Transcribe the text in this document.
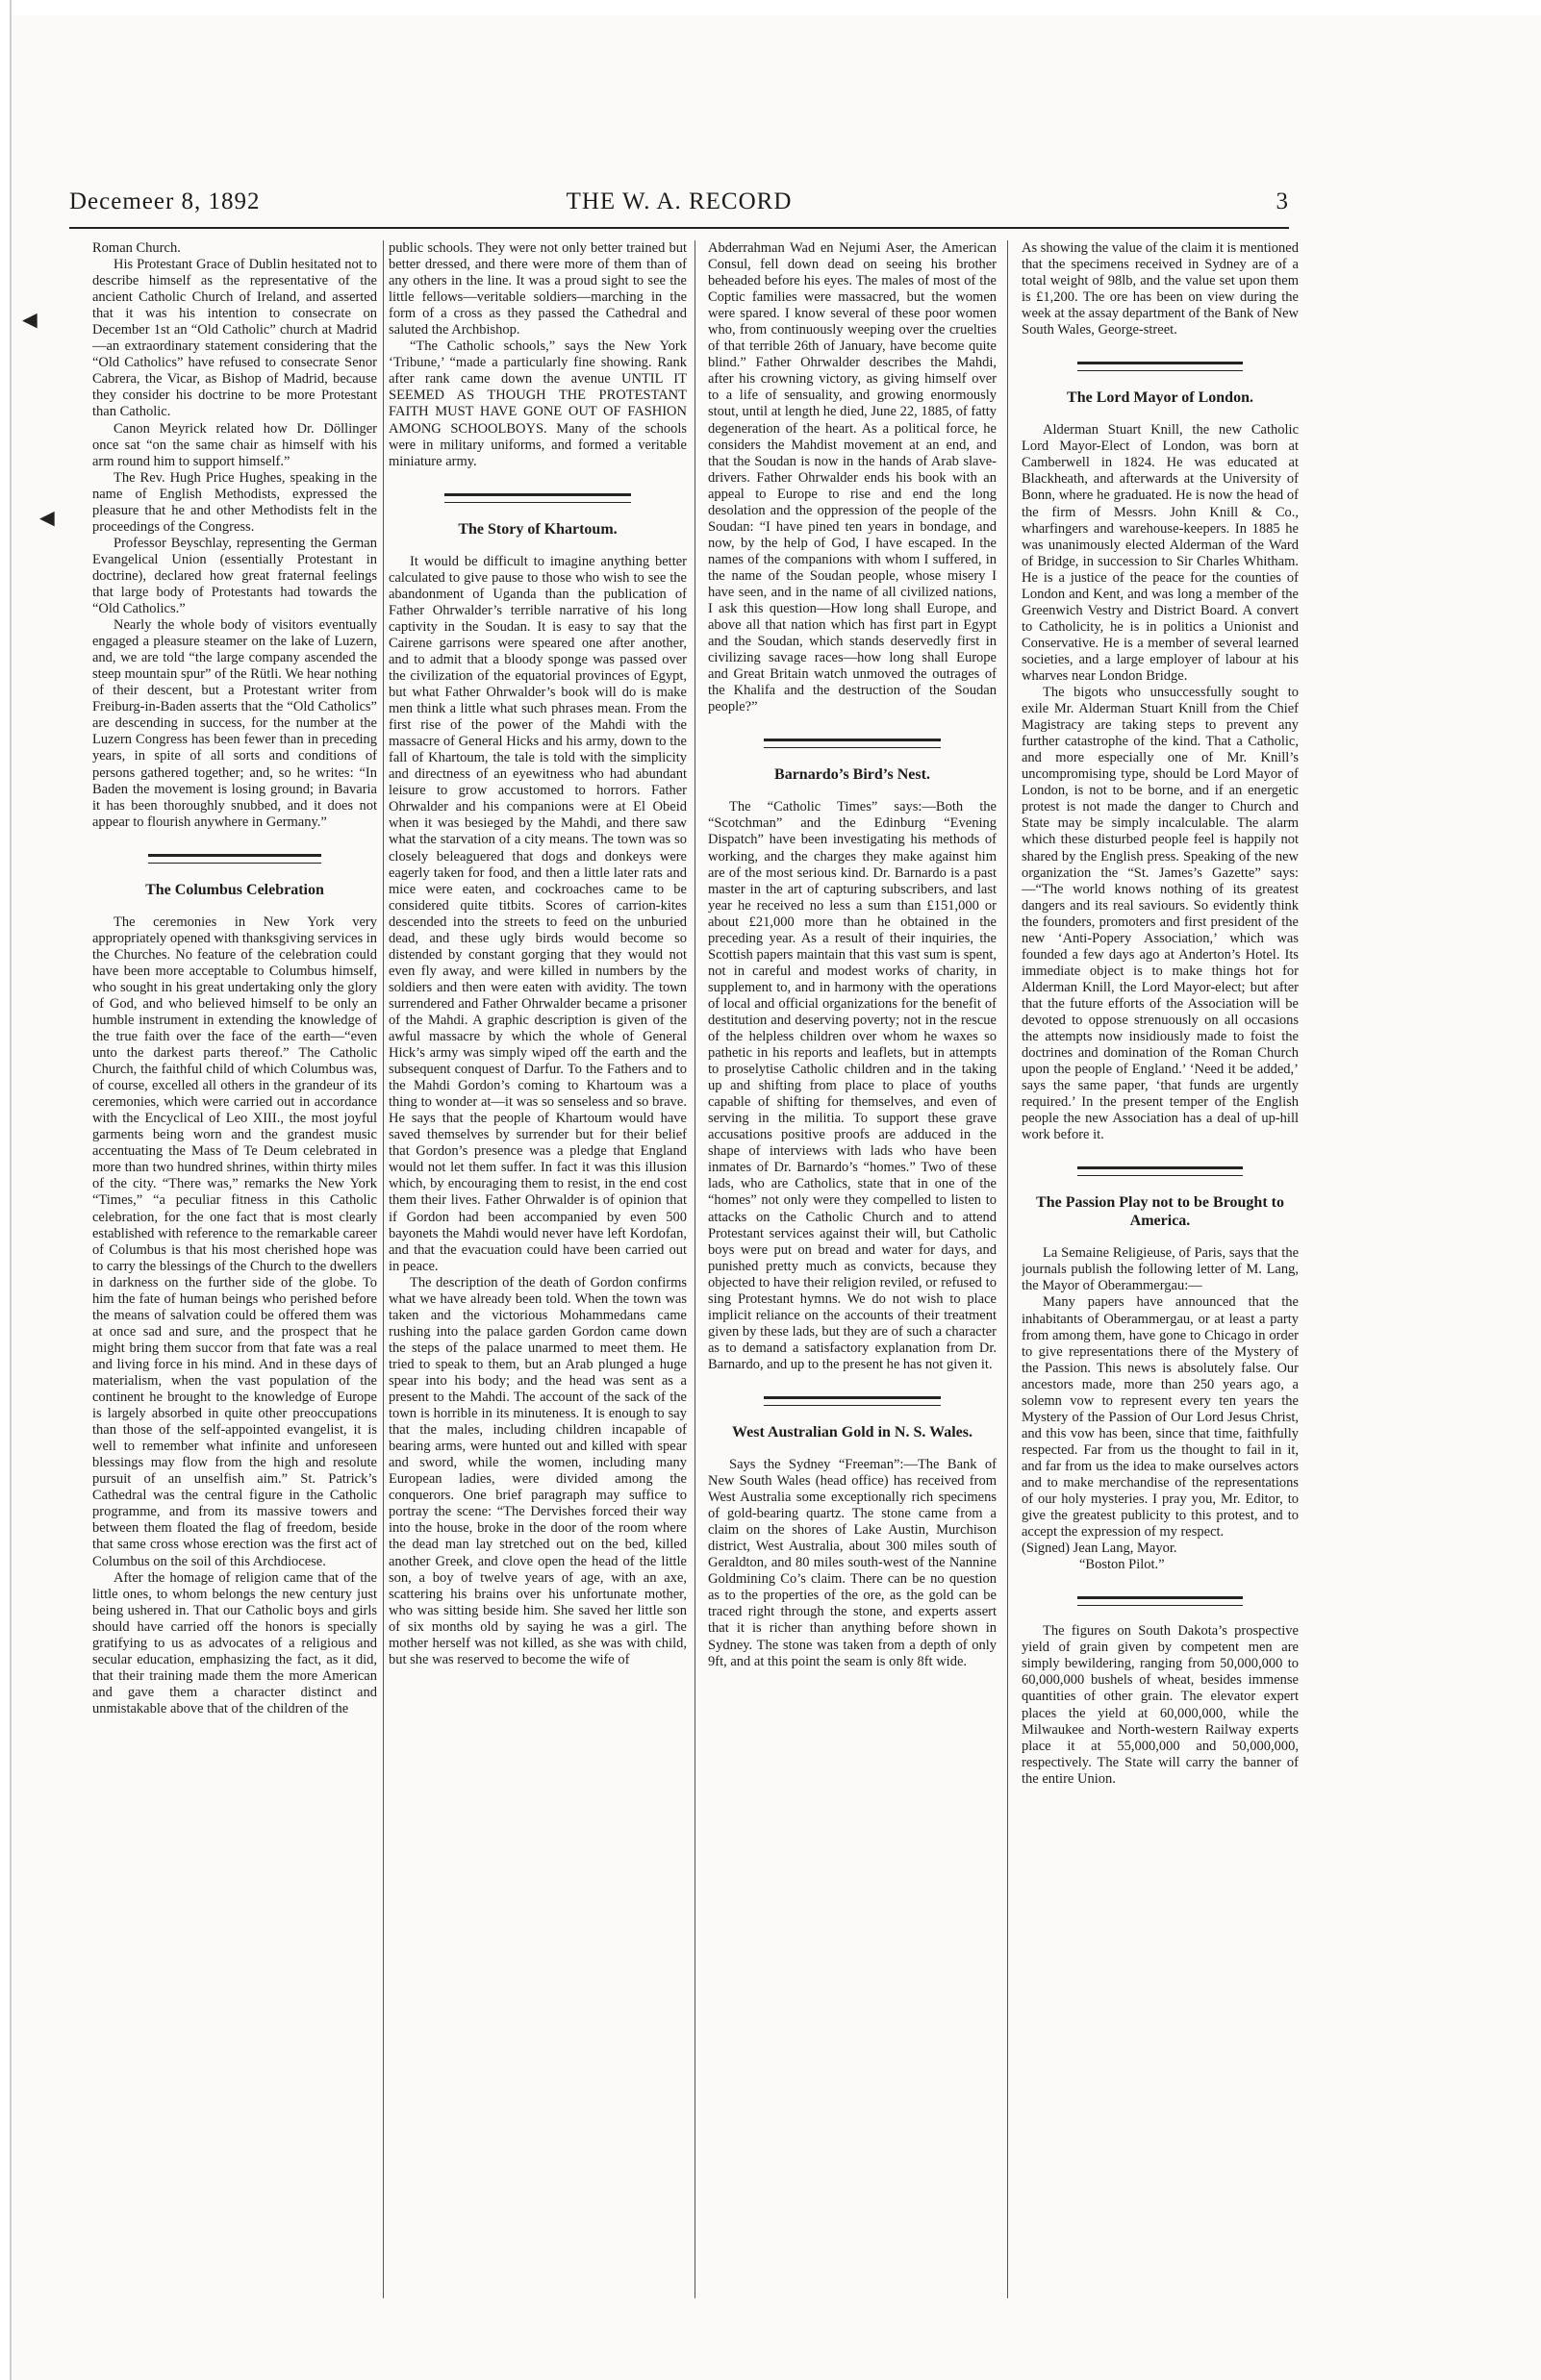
Decemeer 8, 1892	THE W. A. RECORD	3

Roman Church.

His Protestant Grace of Dublin hesitated not to describe himself as the representative of the ancient Catholic Church of Ireland, and asserted that it was his intention to consecrate on December 1st an “Old Catholic” church at Madrid—an extraordinary statement considering that the “Old Catholics” have refused to consecrate Senor Cabrera, the Vicar, as Bishop of Madrid, because they consider his doctrine to be more Protestant than Catholic.

Canon Meyrick related how Dr. Döllinger once sat “on the same chair as himself with his arm round him to support himself.”

The Rev. Hugh Price Hughes, speaking in the name of English Methodists, expressed the pleasure that he and other Methodists felt in the proceedings of the Congress.

Professor Beyschlay, representing the German Evangelical Union (essentially Protestant in doctrine), declared how great fraternal feelings that large body of Protestants had towards the “Old Catholics.”

Nearly the whole body of visitors eventually engaged a pleasure steamer on the lake of Luzern, and, we are told “the large company ascended the steep mountain spur” of the Rütli. We hear nothing of their descent, but a Protestant writer from Freiburg-in-Baden asserts that the “Old Catholics” are descending in success, for the number at the Luzern Congress has been fewer than in preceding years, in spite of all sorts and conditions of persons gathered together; and, so he writes: “In Baden the movement is losing ground; in Bavaria it has been thoroughly snubbed, and it does not appear to flourish anywhere in Germany.”

The Columbus Celebration

The ceremonies in New York very appropriately opened with thanksgiving services in the Churches. No feature of the celebration could have been more acceptable to Columbus himself, who sought in his great undertaking only the glory of God, and who believed himself to be only an humble instrument in extending the knowledge of the true faith over the face of the earth—“even unto the darkest parts thereof.” The Catholic Church, the faithful child of which Columbus was, of course, excelled all others in the grandeur of its ceremonies, which were carried out in accordance with the Encyclical of Leo XIII., the most joyful garments being worn and the grandest music accentuating the Mass of Te Deum celebrated in more than two hundred shrines, within thirty miles of the city. “There was,” remarks the New York “Times,” “a peculiar fitness in this Catholic celebration, for the one fact that is most clearly established with reference to the remarkable career of Columbus is that his most cherished hope was to carry the blessings of the Church to the dwellers in darkness on the further side of the globe. To him the fate of human beings who perished before the means of salvation could be offered them was at once sad and sure, and the prospect that he might bring them succor from that fate was a real and living force in his mind. And in these days of materialism, when the vast population of the continent he brought to the knowledge of Europe is largely absorbed in quite other preoccupations than those of the self-appointed evangelist, it is well to remember what infinite and unforeseen blessings may flow from the high and resolute pursuit of an unselfish aim.” St. Patrick’s Cathedral was the central figure in the Catholic programme, and from its massive towers and between them floated the flag of freedom, beside that same cross whose erection was the first act of Columbus on the soil of this Archdiocese.

After the homage of religion came that of the little ones, to whom belongs the new century just being ushered in. That our Catholic boys and girls should have carried off the honors is specially gratifying to us as advocates of a religious and secular education, emphasizing the fact, as it did, that their training made them the more American and gave them a character distinct and unmistakable above that of the children of the

public schools. They were not only better trained but better dressed, and there were more of them than of any others in the line. It was a proud sight to see the little fellows—veritable soldiers—marching in the form of a cross as they passed the Cathedral and saluted the Archbishop.

“The Catholic schools,” says the New York ‘Tribune,’ “made a particularly fine showing. Rank after rank came down the avenue UNTIL IT SEEMED AS THOUGH THE PROTESTANT FAITH MUST HAVE GONE OUT OF FASHION AMONG SCHOOLBOYS. Many of the schools were in military uniforms, and formed a veritable miniature army.

The Story of Khartoum.

It would be difficult to imagine anything better calculated to give pause to those who wish to see the abandonment of Uganda than the publication of Father Ohrwalder’s terrible narrative of his long captivity in the Soudan. It is easy to say that the Cairene garrisons were speared one after another, and to admit that a bloody sponge was passed over the civilization of the equatorial provinces of Egypt, but what Father Ohrwalder’s book will do is make men think a little what such phrases mean. From the first rise of the power of the Mahdi with the massacre of General Hicks and his army, down to the fall of Khartoum, the tale is told with the simplicity and directness of an eyewitness who had abundant leisure to grow accustomed to horrors. Father Ohrwalder and his companions were at El Obeid when it was besieged by the Mahdi, and there saw what the starvation of a city means. The town was so closely beleaguered that dogs and donkeys were eagerly taken for food, and then a little later rats and mice were eaten, and cockroaches came to be considered quite titbits. Scores of carrion-kites descended into the streets to feed on the unburied dead, and these ugly birds would become so distended by constant gorging that they would not even fly away, and were killed in numbers by the soldiers and then were eaten with avidity. The town surrendered and Father Ohrwalder became a prisoner of the Mahdi. A graphic description is given of the awful massacre by which the whole of General Hick’s army was simply wiped off the earth and the subsequent conquest of Darfur. To the Fathers and to the Mahdi Gordon’s coming to Khartoum was a thing to wonder at—it was so senseless and so brave. He says that the people of Khartoum would have saved themselves by surrender but for their belief that Gordon’s presence was a pledge that England would not let them suffer. In fact it was this illusion which, by encouraging them to resist, in the end cost them their lives. Father Ohrwalder is of opinion that if Gordon had been accompanied by even 500 bayonets the Mahdi would never have left Kordofan, and that the evacuation could have been carried out in peace.

The description of the death of Gordon confirms what we have already been told. When the town was taken and the victorious Mohammedans came rushing into the palace garden Gordon came down the steps of the palace unarmed to meet them. He tried to speak to them, but an Arab plunged a huge spear into his body; and the head was sent as a present to the Mahdi. The account of the sack of the town is horrible in its minuteness. It is enough to say that the males, including children incapable of bearing arms, were hunted out and killed with spear and sword, while the women, including many European ladies, were divided among the conquerors. One brief paragraph may suffice to portray the scene: “The Dervishes forced their way into the house, broke in the door of the room where the dead man lay stretched out on the bed, killed another Greek, and clove open the head of the little son, a boy of twelve years of age, with an axe, scattering his brains over his unfortunate mother, who was sitting beside him. She saved her little son of six months old by saying he was a girl. The mother herself was not killed, as she was with child, but she was reserved to become the wife of

Abderrahman Wad en Nejumi Aser, the American Consul, fell down dead on seeing his brother beheaded before his eyes. The males of most of the Coptic families were massacred, but the women were spared. I know several of these poor women who, from continuously weeping over the cruelties of that terrible 26th of January, have become quite blind.” Father Ohrwalder describes the Mahdi, after his crowning victory, as giving himself over to a life of sensuality, and growing enormously stout, until at length he died, June 22, 1885, of fatty degeneration of the heart. As a political force, he considers the Mahdist movement at an end, and that the Soudan is now in the hands of Arab slave-drivers. Father Ohrwalder ends his book with an appeal to Europe to rise and end the long desolation and the oppression of the people of the Soudan: “I have pined ten years in bondage, and now, by the help of God, I have escaped. In the names of the companions with whom I suffered, in the name of the Soudan people, whose misery I have seen, and in the name of all civilized nations, I ask this question—How long shall Europe, and above all that nation which has first part in Egypt and the Soudan, which stands deservedly first in civilizing savage races—how long shall Europe and Great Britain watch unmoved the outrages of the Khalifa and the destruction of the Soudan people?”

Barnardo’s Bird’s Nest.

The “Catholic Times” says:—Both the “Scotchman” and the Edinburg “Evening Dispatch” have been investigating his methods of working, and the charges they make against him are of the most serious kind. Dr. Barnardo is a past master in the art of capturing subscribers, and last year he received no less a sum than £151,000 or about £21,000 more than he obtained in the preceding year. As a result of their inquiries, the Scottish papers maintain that this vast sum is spent, not in careful and modest works of charity, in supplement to, and in harmony with the operations of local and official organizations for the benefit of destitution and deserving poverty; not in the rescue of the helpless children over whom he waxes so pathetic in his reports and leaflets, but in attempts to proselytise Catholic children and in the taking up and shifting from place to place of youths capable of shifting for themselves, and even of serving in the militia. To support these grave accusations positive proofs are adduced in the shape of interviews with lads who have been inmates of Dr. Barnardo’s “homes.” Two of these lads, who are Catholics, state that in one of the “homes” not only were they compelled to listen to attacks on the Catholic Church and to attend Protestant services against their will, but Catholic boys were put on bread and water for days, and punished pretty much as convicts, because they objected to have their religion reviled, or refused to sing Protestant hymns. We do not wish to place implicit reliance on the accounts of their treatment given by these lads, but they are of such a character as to demand a satisfactory explanation from Dr. Barnardo, and up to the present he has not given it.

West Australian Gold in N. S. Wales.

Says the Sydney “Freeman”:—The Bank of New South Wales (head office) has received from West Australia some exceptionally rich specimens of gold-bearing quartz. The stone came from a claim on the shores of Lake Austin, Murchison district, West Australia, about 300 miles south of Geraldton, and 80 miles south-west of the Nannine Goldmining Co’s claim. There can be no question as to the properties of the ore, as the gold can be traced right through the stone, and experts assert that it is richer than anything before shown in Sydney. The stone was taken from a depth of only 9ft, and at this point the seam is only 8ft wide.

As showing the value of the claim it is mentioned that the specimens received in Sydney are of a total weight of 98lb, and the value set upon them is £1,200. The ore has been on view during the week at the assay department of the Bank of New South Wales, George-street.

The Lord Mayor of London.

Alderman Stuart Knill, the new Catholic Lord Mayor-Elect of London, was born at Camberwell in 1824. He was educated at Blackheath, and afterwards at the University of Bonn, where he graduated. He is now the head of the firm of Messrs. John Knill & Co., wharfingers and warehouse-keepers. In 1885 he was unanimously elected Alderman of the Ward of Bridge, in succession to Sir Charles Whitham. He is a justice of the peace for the counties of London and Kent, and was long a member of the Greenwich Vestry and District Board. A convert to Catholicity, he is in politics a Unionist and Conservative. He is a member of several learned societies, and a large employer of labour at his wharves near London Bridge.

The bigots who unsuccessfully sought to exile Mr. Alderman Stuart Knill from the Chief Magistracy are taking steps to prevent any further catastrophe of the kind. That a Catholic, and more especially one of Mr. Knill’s uncompromising type, should be Lord Mayor of London, is not to be borne, and if an energetic protest is not made the danger to Church and State may be simply incalculable. The alarm which these disturbed people feel is happily not shared by the English press. Speaking of the new organization the “St. James’s Gazette” says:—“The world knows nothing of its greatest dangers and its real saviours. So evidently think the founders, promoters and first president of the new ‘Anti-Popery Association,’ which was founded a few days ago at Anderton’s Hotel. Its immediate object is to make things hot for Alderman Knill, the Lord Mayor-elect; but after that the future efforts of the Association will be devoted to oppose strenuously on all occasions the attempts now insidiously made to foist the doctrines and domination of the Roman Church upon the people of England.’ ‘Need it be added,’ says the same paper, ‘that funds are urgently required.’ In the present temper of the English people the new Association has a deal of up-hill work before it.

The Passion Play not to be Brought to America.

La Semaine Religieuse, of Paris, says that the journals publish the following letter of M. Lang, the Mayor of Oberammergau:—

Many papers have announced that the inhabitants of Oberammergau, or at least a party from among them, have gone to Chicago in order to give representations there of the Mystery of the Passion. This news is absolutely false. Our ancestors made, more than 250 years ago, a solemn vow to represent every ten years the Mystery of the Passion of Our Lord Jesus Christ, and this vow has been, since that time, faithfully respected. Far from us the thought to fail in it, and far from us the idea to make ourselves actors and to make merchandise of the representations of our holy mysteries. I pray you, Mr. Editor, to give the greatest publicity to this protest, and to accept the expression of my respect.

(Signed) Jean Lang, Mayor.

“Boston Pilot.”

The figures on South Dakota’s prospective yield of grain given by competent men are simply bewildering, ranging from 50,000,000 to 60,000,000 bushels of wheat, besides immense quantities of other grain. The elevator expert places the yield at 60,000,000, while the Milwaukee and North-western Railway experts place it at 55,000,000 and 50,000,000, respectively. The State will carry the banner of the entire Union.

◄
◄
